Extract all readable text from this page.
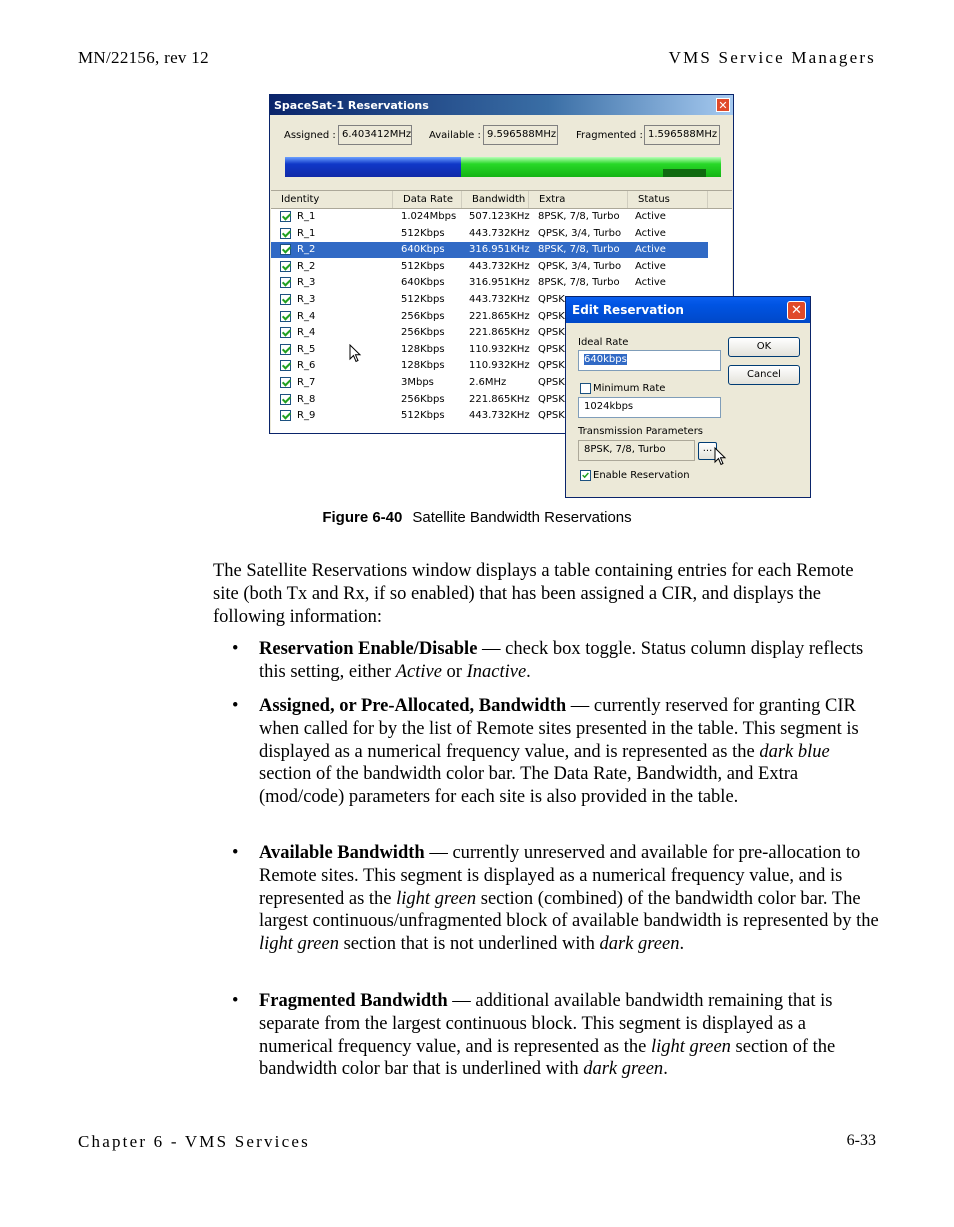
MN/22156, rev 12	VMS Service Managers
SpaceSat-1 Reservations	✕
Assigned : 6.403412MHz Available : 9.596588MHz Fragmented : 1.596588MHz
Identity	Data Rate	Bandwidth	Extra	Status
R_1	1.024Mbps 507.123KHz 8PSK, 7/8, Turbo Active
R_1	512Kbps 443.732KHz QPSK, 3/4, Turbo Active
R_2	640Kbps 316.951KHz 8PSK, 7/8, Turbo Active
R_2	512Kbps 443.732KHz QPSK, 3/4, Turbo Active
R_3	640Kbps 316.951KHz 8PSK, 7/8, Turbo Active
R_3	512Kbps 443.732KHz QPSK
R_4	256Kbps 221.865KHz QPSK
R_4	256Kbps 221.865KHz QPSK
R_5	128Kbps 110.932KHz QPSK
R_6	128Kbps 110.932KHz QPSK
R_7	3Mbps	2.6MHz	QPSK
R_8	256Kbps 221.865KHz QPSK
R_9	512Kbps 443.732KHz QPSK
Edit Reservation	✕
Ideal Rate
640kbps
Minimum Rate
1024kbps
Transmission Parameters
8PSK, 7/8, Turbo	...
Enable Reservation
OK
Cancel
Figure 6-40 Satellite Bandwidth Reservations
The Satellite Reservations window displays a table containing entries for each Remote site (both Tx and Rx, if so enabled) that has been assigned a CIR, and displays the following information:
• Reservation Enable/Disable — check box toggle. Status column display reflects this setting, either Active or Inactive.
• Assigned, or Pre-Allocated, Bandwidth — currently reserved for granting CIR when called for by the list of Remote sites presented in the table. This segment is displayed as a numerical frequency value, and is represented as the dark blue section of the bandwidth color bar. The Data Rate, Bandwidth, and Extra (mod/code) parameters for each site is also provided in the table.
• Available Bandwidth — currently unreserved and available for pre-allocation to Remote sites. This segment is displayed as a numerical frequency value, and is represented as the light green section (combined) of the bandwidth color bar. The largest continuous/unfragmented block of available bandwidth is represented by the light green section that is not underlined with dark green.
• Fragmented Bandwidth — additional available bandwidth remaining that is separate from the largest continuous block. This segment is displayed as a numerical frequency value, and is represented as the light green section of the bandwidth color bar that is underlined with dark green.
Chapter 6 - VMS Services	6-33
